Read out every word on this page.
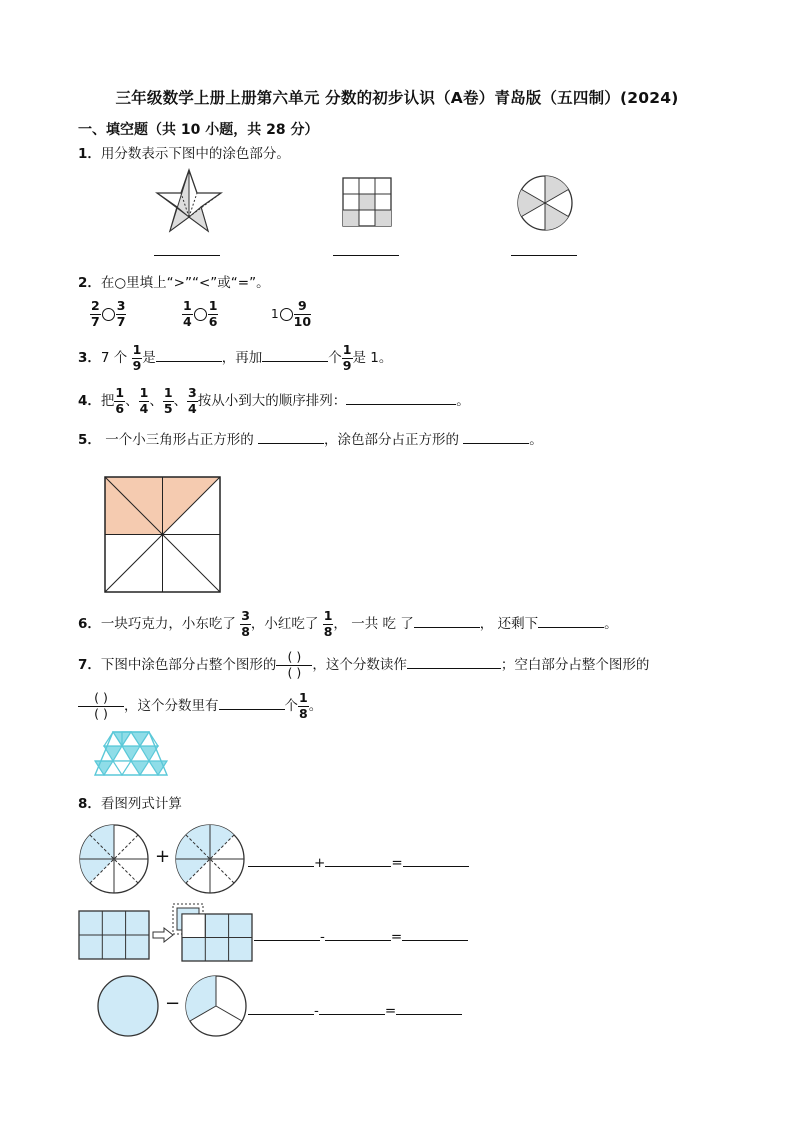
三年级数学上册上册第六单元 分数的初步认识（A卷）青岛版（五四制）(2024)
一、填空题（共 10 小题，共 28 分）
1．用分数表示下图中的涂色部分。
2．在○里填上“>”“<”或“=”。
$\frac{2}{7} \frac{3}{7}$	$\frac{1}{4} \frac{1}{6}$	$1 \frac{9}{10}$
3．7 个 $\frac{1}{9}$ 是	，再加	个 $\frac{1}{9}$ 是 1。
4．把 $\frac{1}{6}$ 、 $\frac{1}{4}$ 、 $\frac{1}{5}$ 、 $\frac{3}{4}$ 按从小到大的顺序排列：	。
5． 一个小三角形占正方形的	，涂色部分占正方形的	。
6．一块巧克力，小东吃了 $\frac{3}{8}$ ，小红吃了 $\frac{1}{8}$ ， 一共 吃 了	， 还剩下	。
7．下图中涂色部分占整个图形的 $\frac{( )}{( )}$ ，这个分数读作	；空白部分占整个图形的
$\frac{( )}{( )}$ ，这个分数里有	个 $\frac{1}{8}$ 。
8．看图列式计算
+	+	=
-	=
−	-	=
